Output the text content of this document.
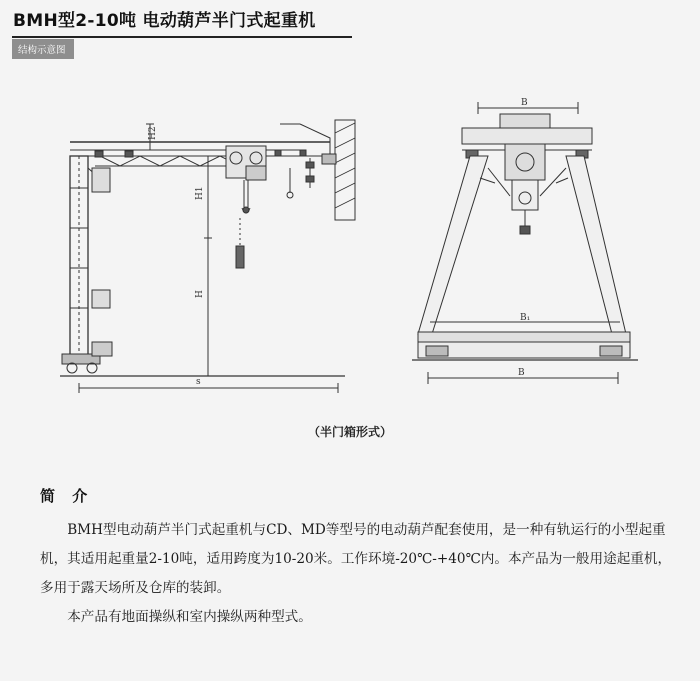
BMH型2-10吨 电动葫芦半门式起重机
结构示意图
H2
H1
H
s
B
B₁
B
（半门箱形式）
简 介

BMH型电动葫芦半门式起重机与CD、MD等型号的电动葫芦配套使用，是一种有轨运行的小型起重机，其适用起重量2-10吨，适用跨度为10-20米。工作环境-20℃-+40℃内。本产品为一般用途起重机，多用于露天场所及仓库的装卸。

本产品有地面操纵和室内操纵两种型式。
